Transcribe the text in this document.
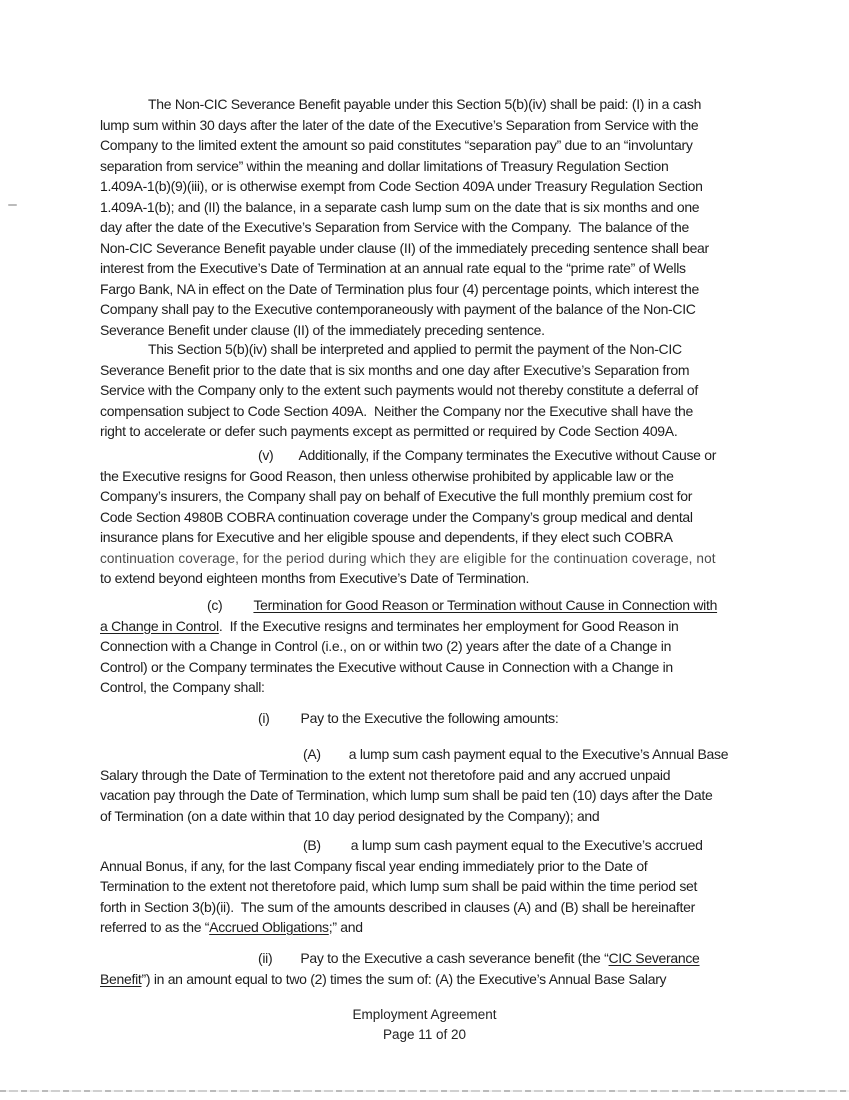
The Non-CIC Severance Benefit payable under this Section 5(b)(iv) shall be paid: (I) in a cash
lump sum within 30 days after the later of the date of the Executive’s Separation from Service with the
Company to the limited extent the amount so paid constitutes “separation pay” due to an “involuntary
separation from service” within the meaning and dollar limitations of Treasury Regulation Section
1.409A-1(b)(9)(iii), or is otherwise exempt from Code Section 409A under Treasury Regulation Section
1.409A-1(b); and (II) the balance, in a separate cash lump sum on the date that is six months and one
day after the date of the Executive’s Separation from Service with the Company.  The balance of the
Non-CIC Severance Benefit payable under clause (II) of the immediately preceding sentence shall bear
interest from the Executive’s Date of Termination at an annual rate equal to the “prime rate” of Wells
Fargo Bank, NA in effect on the Date of Termination plus four (4) percentage points, which interest the
Company shall pay to the Executive contemporaneously with payment of the balance of the Non-CIC
Severance Benefit under clause (II) of the immediately preceding sentence.
This Section 5(b)(iv) shall be interpreted and applied to permit the payment of the Non-CIC
Severance Benefit prior to the date that is six months and one day after Executive’s Separation from
Service with the Company only to the extent such payments would not thereby constitute a deferral of
compensation subject to Code Section 409A.  Neither the Company nor the Executive shall have the
right to accelerate or defer such payments except as permitted or required by Code Section 409A.
(v) Additionally, if the Company terminates the Executive without Cause or
the Executive resigns for Good Reason, then unless otherwise prohibited by applicable law or the
Company’s insurers, the Company shall pay on behalf of Executive the full monthly premium cost for
Code Section 4980B COBRA continuation coverage under the Company’s group medical and dental
insurance plans for Executive and her eligible spouse and dependents, if they elect such COBRA
continuation coverage, for the period during which they are eligible for the continuation coverage, not
to extend beyond eighteen months from Executive’s Date of Termination.
(c) Termination for Good Reason or Termination without Cause in Connection with
a Change in Control.  If the Executive resigns and terminates her employment for Good Reason in
Connection with a Change in Control (i.e., on or within two (2) years after the date of a Change in
Control) or the Company terminates the Executive without Cause in Connection with a Change in
Control, the Company shall:
(i) Pay to the Executive the following amounts:
(A) a lump sum cash payment equal to the Executive’s Annual Base
Salary through the Date of Termination to the extent not theretofore paid and any accrued unpaid
vacation pay through the Date of Termination, which lump sum shall be paid ten (10) days after the Date
of Termination (on a date within that 10 day period designated by the Company); and
(B) a lump sum cash payment equal to the Executive’s accrued
Annual Bonus, if any, for the last Company fiscal year ending immediately prior to the Date of
Termination to the extent not theretofore paid, which lump sum shall be paid within the time period set
forth in Section 3(b)(ii).  The sum of the amounts described in clauses (A) and (B) shall be hereinafter
referred to as the “Accrued Obligations;” and
(ii) Pay to the Executive a cash severance benefit (the “CIC Severance
Benefit”) in an amount equal to two (2) times the sum of: (A) the Executive’s Annual Base Salary
Employment Agreement
Page 11 of 20
